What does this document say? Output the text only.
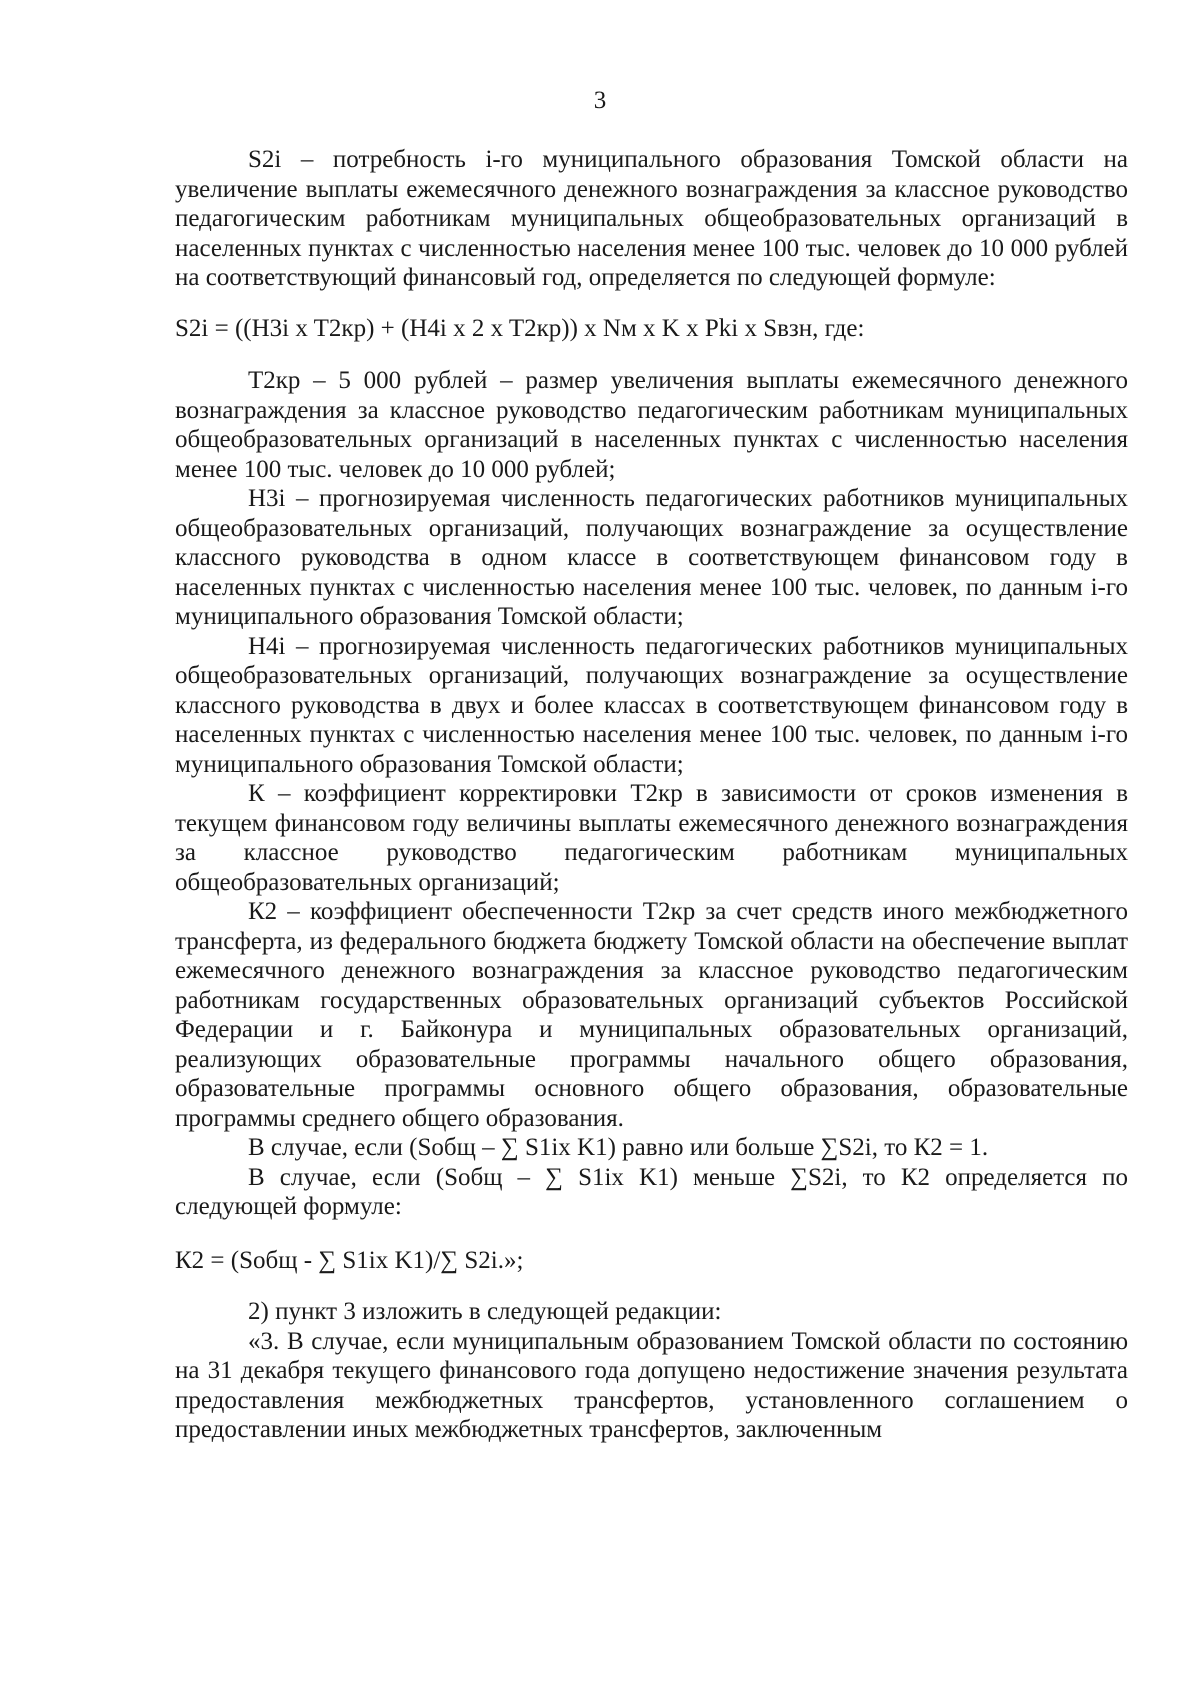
3

S2i – потребность i-го муниципального образования Томской области на увеличение выплаты ежемесячного денежного вознаграждения за классное руководство педагогическим работникам муниципальных общеобразовательных организаций в населенных пунктах с численностью населения менее 100 тыс. человек до 10 000 рублей на соответствующий финансовый год, определяется по следующей формуле:

S2i = ((H3i x T2кр) + (H4i x 2 x T2кр)) x Nм x K x Pki x Sвзн, где:

T2кр – 5 000 рублей – размер увеличения выплаты ежемесячного денежного вознаграждения за классное руководство педагогическим работникам муниципальных общеобразовательных организаций в населенных пунктах с численностью населения менее 100 тыс. человек до 10 000 рублей;

Н3i – прогнозируемая численность педагогических работников муниципальных общеобразовательных организаций, получающих вознаграждение за осуществление классного руководства в одном классе в соответствующем финансовом году в населенных пунктах с численностью населения менее 100 тыс. человек, по данным i-го муниципального образования Томской области;

Н4i – прогнозируемая численность педагогических работников муниципальных общеобразовательных организаций, получающих вознаграждение за осуществление классного руководства в двух и более классах в соответствующем финансовом году в населенных пунктах с численностью населения менее 100 тыс. человек, по данным i-го муниципального образования Томской области;

К – коэффициент корректировки Т2кр в зависимости от сроков изменения в текущем финансовом году величины выплаты ежемесячного денежного вознаграждения за классное руководство педагогическим работникам муниципальных общеобразовательных организаций;

К2 – коэффициент обеспеченности Т2кр за счет средств иного межбюджетного трансферта, из федерального бюджета бюджету Томской области на обеспечение выплат ежемесячного денежного вознаграждения за классное руководство педагогическим работникам государственных образовательных организаций субъектов Российской Федерации и г. Байконура и муниципальных образовательных организаций, реализующих образовательные программы начального общего образования, образовательные программы основного общего образования, образовательные программы среднего общего образования.

В случае, если (Sобщ – ∑ S1ix K1) равно или больше ∑S2i, то К2 = 1.

В случае, если (Sобщ – ∑ S1ix K1) меньше ∑S2i, то К2 определяется по следующей формуле:

К2 = (Sобщ - ∑ S1ix K1)/∑ S2i.»;

2) пункт 3 изложить в следующей редакции:

«3. В случае, если муниципальным образованием Томской области по состоянию на 31 декабря текущего финансового года допущено недостижение значения результата предоставления межбюджетных трансфертов, установленного соглашением о предоставлении иных межбюджетных трансфертов, заключенным
